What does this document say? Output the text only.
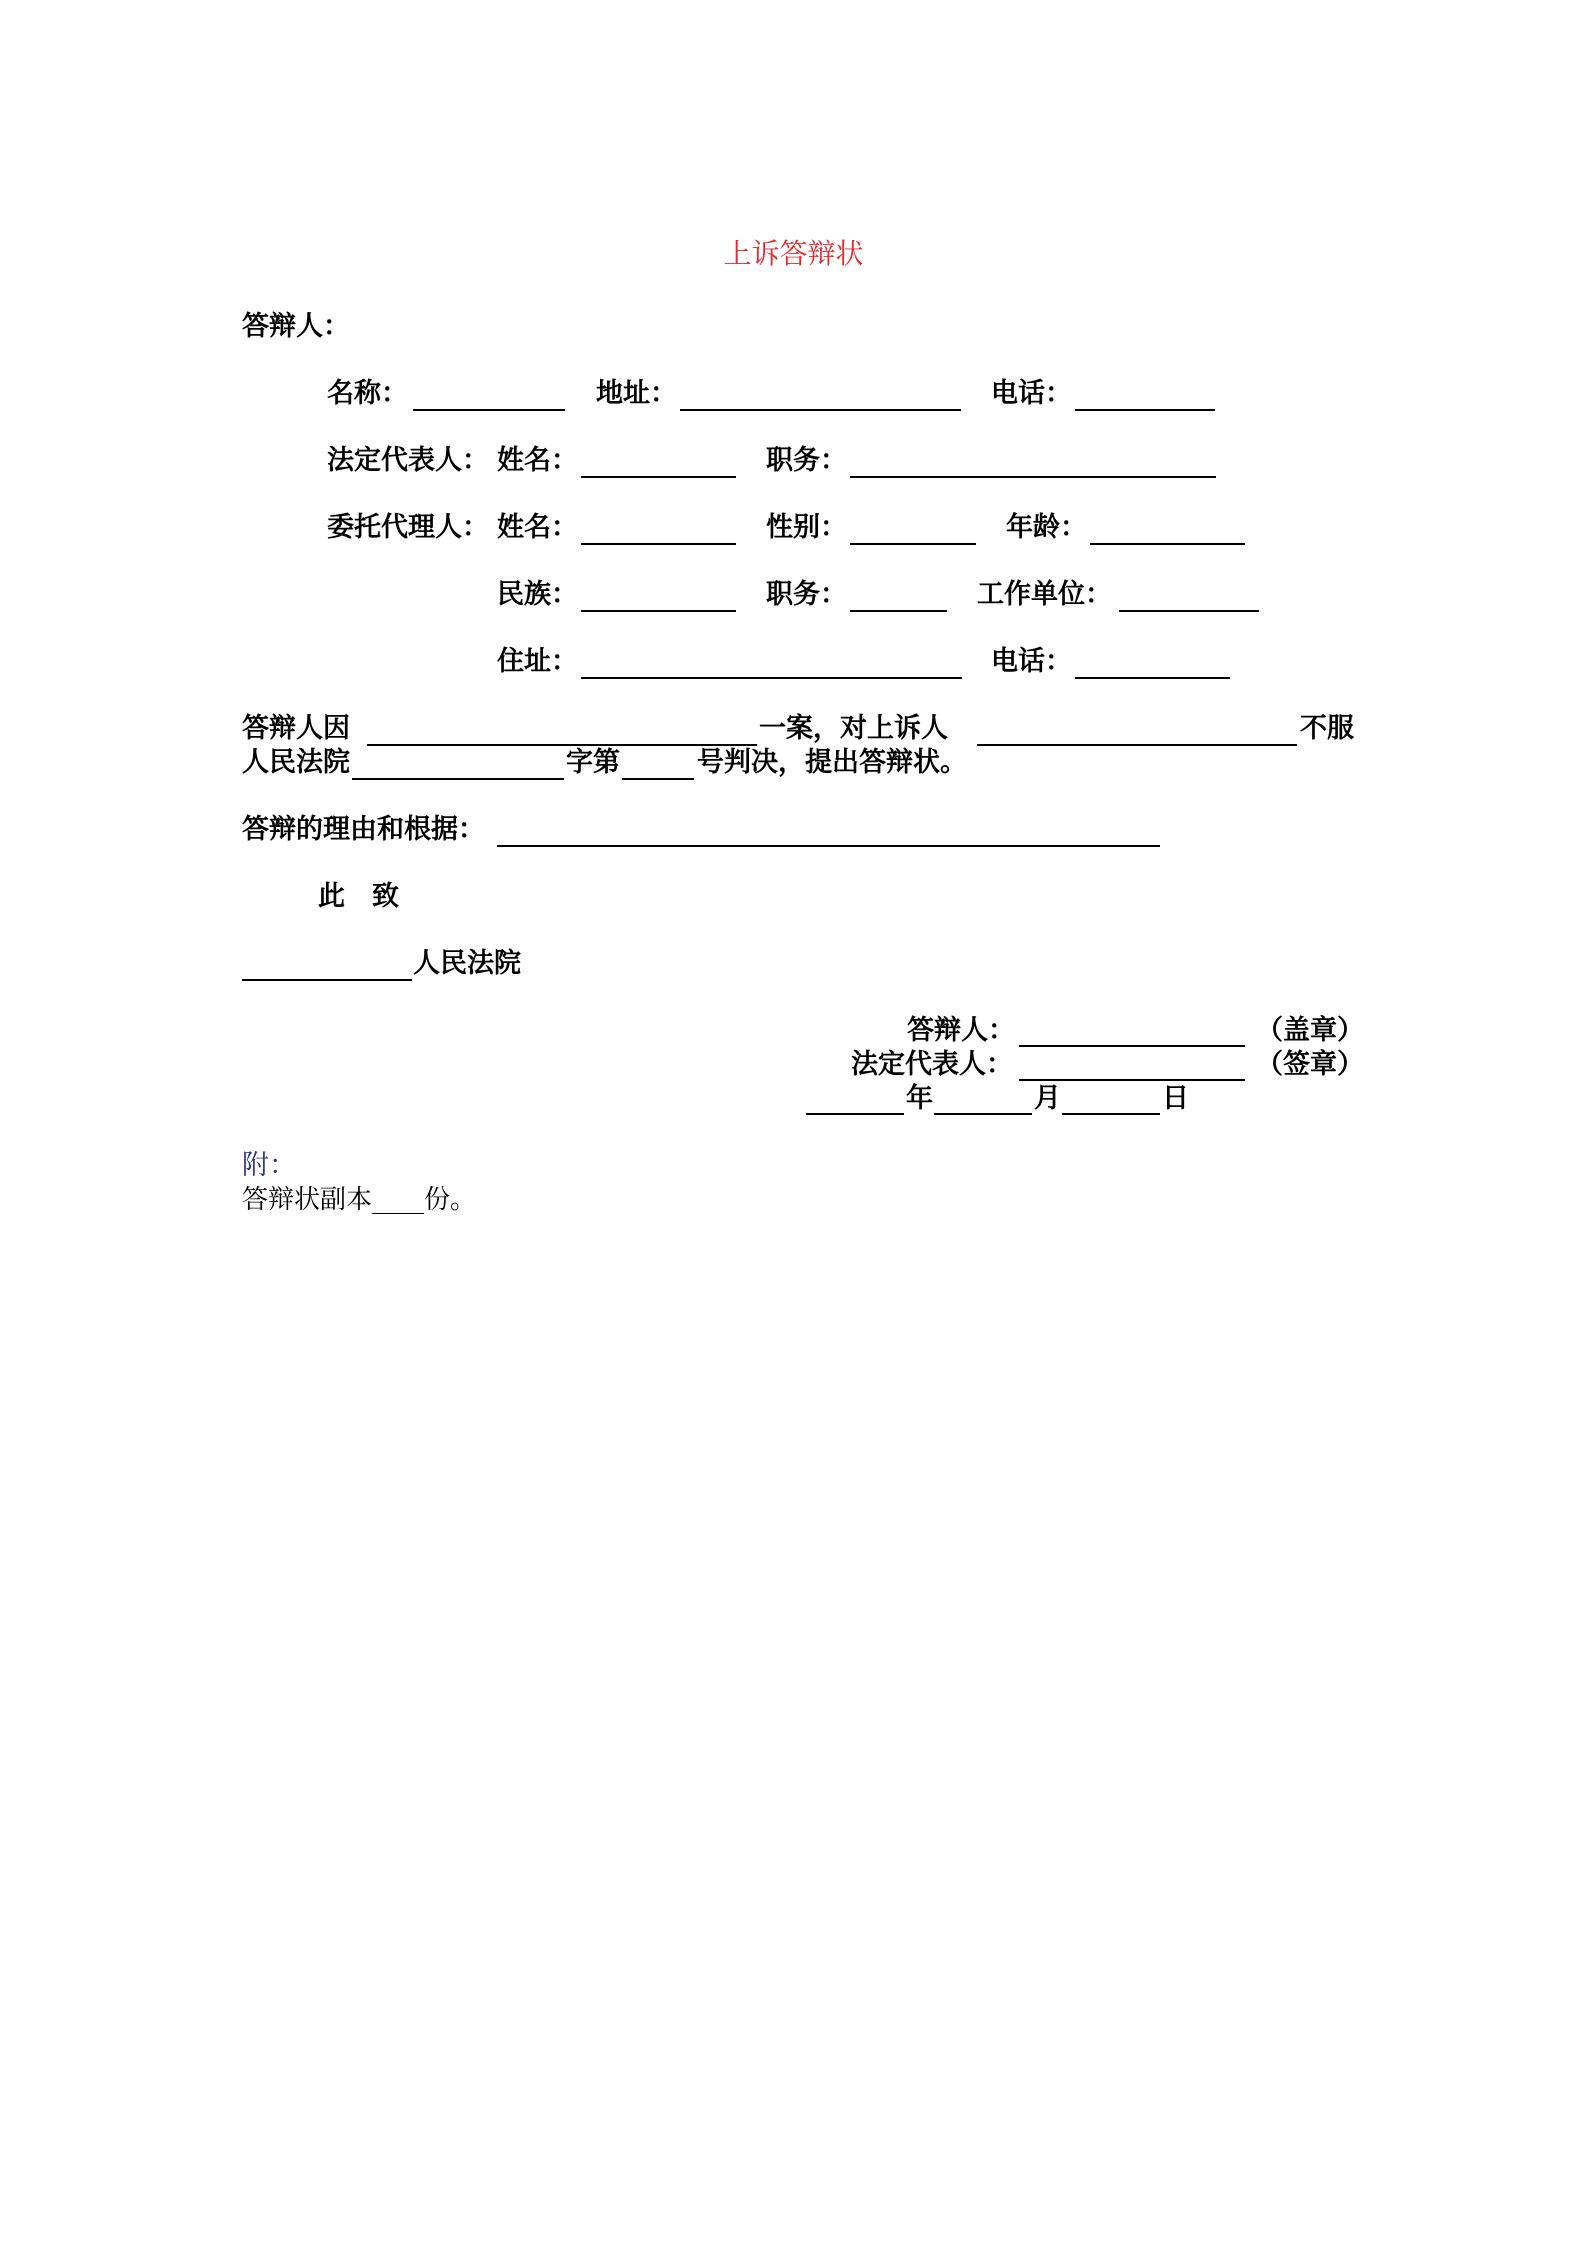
上诉答辩状
答辩人：
名称：	地址：	电话：
法定代表人： 姓名：	职务：
委托代理人： 姓名：	性别：	年龄：
民族：	职务：	工作单位：
住址：	电话：
答辩人因	一案，对上诉人	不服
人民法院	字第	号判决，提出答辩状。
答辩的理由和根据：
此　致
人民法院
答辩人：	（盖章）
法定代表人：	（签章）
年	月	日
附：
答辩状副本____份。
